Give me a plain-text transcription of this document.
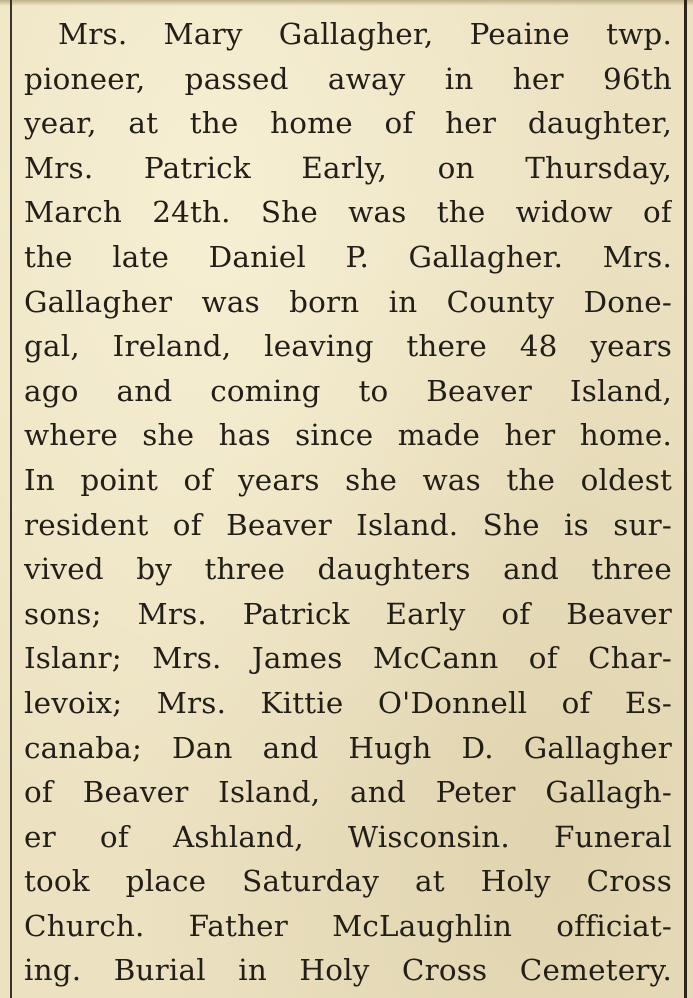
Mrs. Mary Gallagher, Peaine twp.
pioneer, passed away in her 96th
year, at the home of her daughter,
Mrs. Patrick Early, on Thursday,
March 24th. She was the widow of
the late Daniel P. Gallagher. Mrs.
Gallagher was born in County Done-
gal, Ireland, leaving there 48 years
ago and coming to Beaver Island,
where she has since made her home.
In point of years she was the oldest
resident of Beaver Island. She is sur-
vived by three daughters and three
sons; Mrs. Patrick Early of Beaver
Islanr; Mrs. James McCann of Char-
levoix; Mrs. Kittie O'Donnell of Es-
canaba; Dan and Hugh D. Gallagher
of Beaver Island, and Peter Gallagh-
er of Ashland, Wisconsin. Funeral
took place Saturday at Holy Cross
Church. Father McLaughlin officiat-
ing. Burial in Holy Cross Cemetery.
